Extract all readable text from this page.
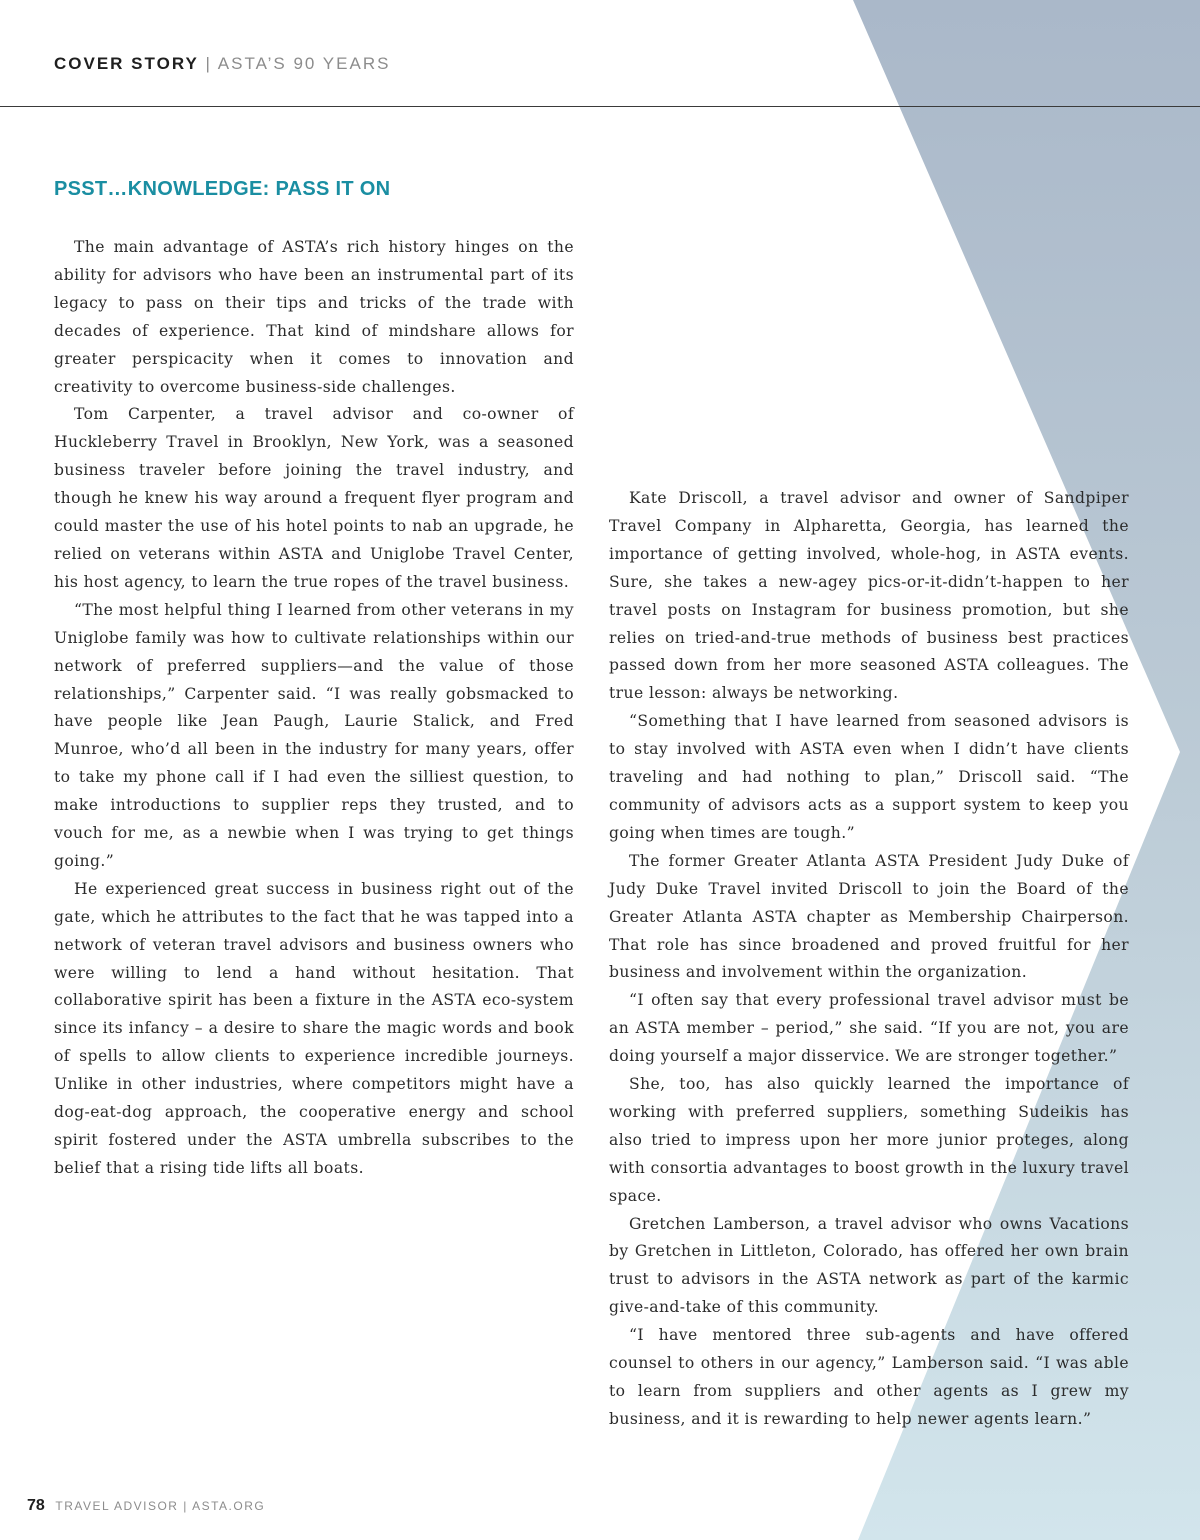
COVER STORY | ASTA’S 90 YEARS
PSST…KNOWLEDGE: PASS IT ON

The main advantage of ASTA’s rich history hinges on the ability for advisors who have been an instrumental part of its legacy to pass on their tips and tricks of the trade with decades of experience. That kind of mindshare allows for greater perspicacity when it comes to innovation and creativity to overcome business-side challenges.

Tom Carpenter, a travel advisor and co-owner of Huckleberry Travel in Brooklyn, New York, was a seasoned business traveler before joining the travel industry, and though he knew his way around a frequent flyer program and could master the use of his hotel points to nab an upgrade, he relied on veterans within ASTA and Uniglobe Travel Center, his host agency, to learn the true ropes of the travel business.

“The most helpful thing I learned from other veterans in my Uniglobe family was how to cultivate relationships within our network of preferred suppliers—and the value of those relationships,” Carpenter said. “I was really gobsmacked to have people like Jean Paugh, Laurie Stalick, and Fred Munroe, who’d all been in the industry for many years, offer to take my phone call if I had even the silliest question, to make introductions to supplier reps they trusted, and to vouch for me, as a newbie when I was trying to get things going.”

He experienced great success in business right out of the gate, which he attributes to the fact that he was tapped into a network of veteran travel advisors and business owners who were willing to lend a hand without hesitation. That collaborative spirit has been a fixture in the ASTA eco-system since its infancy – a desire to share the magic words and book of spells to allow clients to experience incredible journeys. Unlike in other industries, where competitors might have a dog-eat-dog approach, the cooperative energy and school spirit fostered under the ASTA umbrella subscribes to the belief that a rising tide lifts all boats.

Kate Driscoll, a travel advisor and owner of Sandpiper Travel Company in Alpharetta, Georgia, has learned the importance of getting involved, whole-hog, in ASTA events. Sure, she takes a new-agey pics-or-it-didn’t-happen to her travel posts on Instagram for business promotion, but she relies on tried-and-true methods of business best practices passed down from her more seasoned ASTA colleagues. The true lesson: always be networking.

“Something that I have learned from seasoned advisors is to stay involved with ASTA even when I didn’t have clients traveling and had nothing to plan,” Driscoll said. “The community of advisors acts as a support system to keep you going when times are tough.”

The former Greater Atlanta ASTA President Judy Duke of Judy Duke Travel invited Driscoll to join the Board of the Greater Atlanta ASTA chapter as Membership Chairperson. That role has since broadened and proved fruitful for her business and involvement within the organization.

“I often say that every professional travel advisor must be an ASTA member – period,” she said. “If you are not, you are doing yourself a major disservice. We are stronger together.”

She, too, has also quickly learned the importance of working with preferred suppliers, something Sudeikis has also tried to impress upon her more junior proteges, along with consortia advantages to boost growth in the luxury travel space.

Gretchen Lamberson, a travel advisor who owns Vacations by Gretchen in Littleton, Colorado, has offered her own brain trust to advisors in the ASTA network as part of the karmic give-and-take of this community.

“I have mentored three sub-agents and have offered counsel to others in our agency,” Lamberson said. “I was able to learn from suppliers and other agents as I grew my business, and it is rewarding to help newer agents learn.”

78 TRAVEL ADVISOR | ASTA.ORG
